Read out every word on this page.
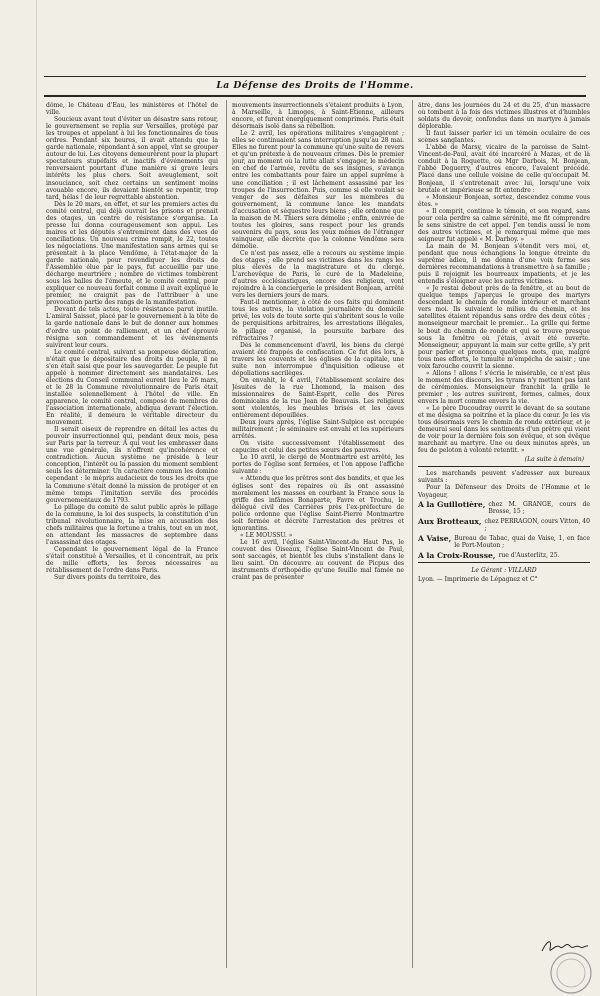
La Défense des Droits de l'Homme.

dôme, le Château d'Eau, les ministères et l'hôtel de ville.

Soucieux avant tout d'éviter un désastre sans retour, le gouvernement se replia sur Versailles, protégé par les troupes et appelant à lui les fonctionnaires de tous ordres. Pendant six heures, il avait attendu que la garde nationale, répondant à son appel, vînt se grouper autour de lui. Les citoyens demeurèrent pour la plupart spectateurs stupéfaits et inactifs d'événements qui renversaient pourtant d'une manière si grave leurs intérêts les plus chers. Soit aveuglement, soit insouciance, soit chez certains un sentiment moins avouable encore, ils devaient bientôt se repentir, trop tard, hélas ! de leur regrettable abstention.

Dès le 20 mars, en effet, et sur les premiers actes du comité central, qui déjà ouvrait les prisons et prenait des otages, un centre de résistance s'organisa. La presse lui donna courageusement son appui. Les maires et les députés s'entremirent dans des vues de conciliations. Un nouveau crime rompit, le 22, toutes les négociations. Une manifestation sans armes qui se présentait à la place Vendôme, à l'état-major de la garde nationale, pour revendiquer les droits de l'Assemblée élue par le pays, fut accueillie par une décharge meurtrière ; nombre de victimes tombèrent sous les balles de l'émeute, et le comité central, pour expliquer ce nouveau forfait comme il avait expliqué le premier, ne craignit pas de l'attribuer à une provocation partie des rangs de la manifestation.

Devant de tels actes, toute résistance parut inutile. L'amiral Saisset, placé par le gouvernement à la tête de la garde nationale dans le but de donner aux hommes d'ordre un point de ralliement, et un chef éprouvé résigna son commandement et les événements suivirent leur cours.

Le comité central, suivant sa pompeuse déclaration, n'était que le dépositaire des droits du peuple, il ne s'en était saisi que pour les sauvegarder. Le peuple fut appelé à nommer directement ses mandataires. Les élections du Conseil communal eurent lieu le 26 mars, et le 28 la Commune révolutionnaire de Paris était installée solennellement à l'hôtel de ville. En apparence, le comité central, composé de membres de l'association internationale, abdiqua devant l'élection. En réalité, il demeura le véritable directeur du mouvement.

Il serait oiseux de reprendre en détail les actes du pouvoir insurrectionnel qui, pendant deux mois, pesa sur Paris par la terreur. A qui veut les embrasser dans une vue générale, ils n'offrent qu'incohérence et contradiction. Aucun système ne préside à leur conception, l'intérêt ou la passion du moment semblent seuls les déterminer. Un caractère commun les domine cependant : le mépris audacieux de tous les droits que la Commune s'était donné la mission de protéger et en même temps l'imitation servile des procédés gouvernementaux de 1793.

Le pillage du comité de salut public après le pillage de la commune, la loi des suspects, la constitution d'un tribunal révolutionnaire, la mise en accusation des chefs militaires que la fortune a trahis, tout en un mot, en attendant les massacres de septembre dans l'assassinat des otages.

Cependant le gouvernement légal de la France s'était constitué à Versailles, et il concentrait, au prix de mille efforts, les forces nécessaires au rétablissement de l'ordre dans Paris.

Sur divers points du territoire, des

mouvements insurrectionnels s'étaient produits à Lyon, à Marseille, à Limoges, à Saint-Etienne, ailleurs encore, et furent énergiquement comprimés. Paris était désormais isolé dans sa rébellion.

Le 2 avril, les opérations militaires s'engagèrent ; elles se continuaient sans interruption jusqu'au 28 mai. Elles ne furent pour la commune qu'une suite de revers et qu'un prétexte à de nouveaux crimes. Dès le premier jour, au moment où la lutte allait s'engager, le médecin en chef de l'armée, revêtu de ses insignes, s'avança entre les combattants pour faire un appel suprême à une conciliation ; il est lâchement assassiné par les troupes de l'insurrection. Puis, comme si elle voulait se venger de ses défaites sur les membres du gouvernement, la commune lance les mandats d'accusation et séquestre leurs biens ; elle ordonne que la maison de M. Thiers sera démolie ; enfin, enivrée de toutes les gloires, sans respect pour les grands souvenirs du pays, sous les yeux mêmes de l'étranger vainqueur, elle décrète que la colonne Vendôme sera démolie.

Ce n'est pas assez, elle a recours au système impie des otages ; elle prend ses victimes dans les rangs les plus élevés de la magistrature et du clergé. L'archevêque de Paris, le curé de la Madeleine, d'autres ecclésiastiques, encore des religieux, vont rejoindre à la conciergerie le président Bonjean, arrêté vers les derniers jours de mars.

Faut-il mentionner, à côté de ces faits qui dominent tous les autres, la violation journalière du domicile privé, les vols de toute sorte qui s'abritent sous le voile de perquisitions arbitraires, les arrestations illégales, le pillage organisé, la poursuite barbare des réfractaires ?

Dès le commencement d'avril, les biens du clergé avaient été frappés de confiscation. Ce fut dès lors, à travers les couvents et les églises de la capitale, une suite non interrompue d'inquisition odieuse et dépoliations sacrilèges.

On envahit, le 4 avril, l'établissement scolaire des Jésuites de la rue Lhomond, la maison des missionnaires de Saint-Esprit, celle des Pères dominicains de la rue Jean de Beauvais. Les religieux sont violentés, les meubles brisés et les caves entièrement dépouillées.

Deux jours après, l'église Saint-Sulpice est occupée militairement ; le séminaire est envahi et les supérieurs arrêtés.

On visite successivement l'établissement des capucins et celui des petites sœurs des pauvres.

Le 10 avril, le clergé de Montmartre est arrêté, les portes de l'église sont fermées, et l'on appose l'affiche suivante :

« Attendu que les prêtres sont des bandits, et que les églises sont des repaires où ils ont assassiné moralement les masses en courbant la France sous la griffe des infâmes Bonaparte, Favre et Trochu, le délégué civil des Carrières près l'ex-préfecture de police ordonne que l'église Saint-Pierre Montmartre soit fermée et décrète l'arrestation des prêtres et ignorantins.

« LE MOUSSU. »

Le 16 avril, l'église Saint-Vincent-du Haut Pas, le couvent des Oiseaux, l'église Saint-Vincent de Paul, sont saccagés, et bientôt les clubs s'installent dans le lieu saint. On découvre au couvent de Picpus des instruments d'orthopédie qu'une feuille mal famée ne craint pas de présenter

âtre, dans les journées du 24 et du 25, d'un massacre où tombent à la fois des victimes illustres et d'humbles soldats du devoir, confondus dans un martyre à jamais déplorable.

Il faut laisser parler ici un témoin oculaire de ces scènes sanglantes.

L'abbé de Marsy, vicaire de la paroisse de Saint-Vincent-de-Paul, avait été incarcéré à Mazas, et de là conduit à la Roquette, où Mgr Darbois, M. Bonjean, l'abbé Deguerry, d'autres encore, l'avaient précédé. Placé dans une cellule voisine de celle qu'occupait M. Bonjean, il s'entretenait avec lui, lorsqu'une voix brutale et impérieuse se fit entendre :

« Monsieur Bonjean, sortez, descendez comme vous êtes. »

« Il comprit, continue le témoin, et son regard, sans pour cela perdre sa calme sérénité, me fit comprendre le sens sinistre de cet appel. J'en tendis aussi le nom des autres victimes, et je remarquai même que mes seigneur fut appelé « M. Darboy. »

La main de M. Bonjean s'étendit vers moi, et, pendant que nous échangions la longue étreinte du suprême adieu, il me donna d'une voix ferme ses dernières recommandations à transmettre à sa famille ; puis il rejoignit les bourreaux impatients, et je les entendis s'éloigner avec les autres victimes.

« Je restai debout près de la fenêtre, et au bout de quelque temps j'aperçus le groupe des martyrs descendant le chemin de ronde intérieur et marchant vers moi. Ils suivaient le milieu du chemin, et les satellites étaient répandus sans ordre des deux côtés ; monseigneur marchait le premier... La grille qui ferme le bout du chemin de ronde et qui se trouve presque sous la fenêtre où j'étais, avait été ouverte. Monseigneur, appuyant la main sur cette grille, s'y prit pour parler et prononça quelques mots, que, malgré tous mes efforts, le tumulte m'empêcha de saisir ; une voix farouche couvrit la sienne.

« Allons ! allons ! s'écria le misérable, ce n'est plus le moment des discours, les tyrans n'y mettent pas tant de cérémonies. Monseigneur franchit la grille le premier ; les autres suivirent, fermes, calmes, doux envers la mort comme envers la vie.

« Le père Ducoudray ouvrit le devant de sa soutane et me désigna sa poitrine et la place du cœur. Je les vis tous désormais vers le chemin de ronde extérieur, et je demeurai seul dans les sentiments d'un prêtre qui vient de voir pour la dernière fois son évêque, et son évêque marchant au martyre. Une ou deux minutes après, un feu de peloton à volonté retentit. »

(La suite à demain)

Les marchands peuvent s'adresser aux bureaux suivants :

Pour la Défenseur des Droits de l'Homme et le Voyageur,

A la Guillotière, chez M. GRANGE, cours de Brosse, 15 ;
Aux Brotteaux, chez PERRAGON, cours Vitton, 40 ;
A Vaise, Bureau de Tabac, quai de Vaise, 1, en face le Port-Mouton ;
A la Croix-Rousse, rue d'Austerlitz, 25.
Le Gérant : VILLARD
Lyon. — Imprimerie de Lépagnez et C°
